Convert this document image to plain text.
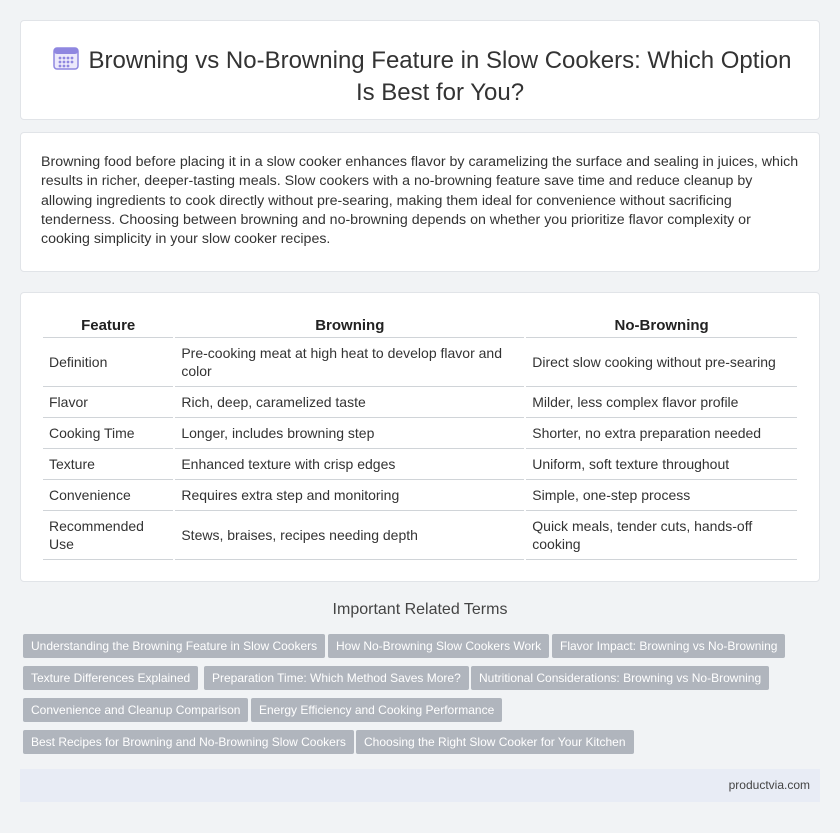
Browning vs No-Browning Feature in Slow Cookers: Which Option Is Best for You?

Browning food before placing it in a slow cooker enhances flavor by caramelizing the surface and sealing in juices, which results in richer, deeper-tasting meals. Slow cookers with a no-browning feature save time and reduce cleanup by allowing ingredients to cook directly without pre-searing, making them ideal for convenience without sacrificing tenderness. Choosing between browning and no-browning depends on whether you prioritize flavor complexity or cooking simplicity in your slow cooker recipes.

Feature	Browning	No-Browning
Definition	Pre-cooking meat at high heat to develop flavor and color	Direct slow cooking without pre-searing
Flavor	Rich, deep, caramelized taste	Milder, less complex flavor profile
Cooking Time	Longer, includes browning step	Shorter, no extra preparation needed
Texture	Enhanced texture with crisp edges	Uniform, soft texture throughout
Convenience	Requires extra step and monitoring	Simple, one-step process
Recommended Use	Stews, braises, recipes needing depth	Quick meals, tender cuts, hands-off cooking
Important Related Terms
Understanding the Browning Feature in Slow Cookers	How No-Browning Slow Cookers Work	Flavor Impact: Browning vs No-Browning
Texture Differences Explained	Preparation Time: Which Method Saves More?	Nutritional Considerations: Browning vs No-Browning
Convenience and Cleanup Comparison	Energy Efficiency and Cooking Performance
Best Recipes for Browning and No-Browning Slow Cookers	Choosing the Right Slow Cooker for Your Kitchen
productvia.com
